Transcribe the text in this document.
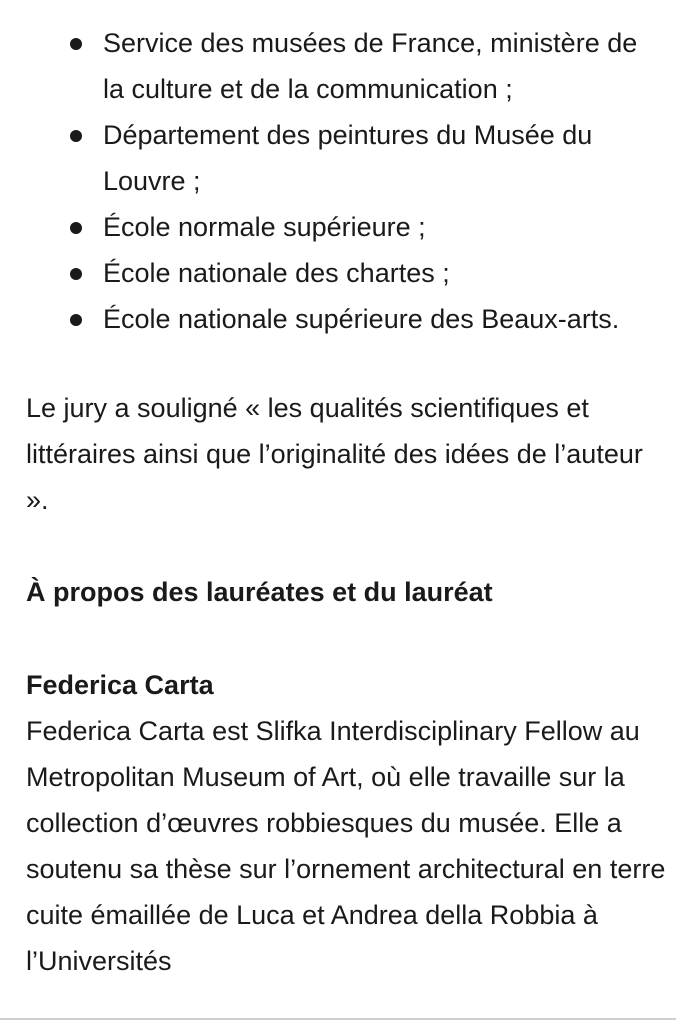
Service des musées de France, ministère de la culture et de la communication ;
Département des peintures du Musée du Louvre ;
École normale supérieure ;
École nationale des chartes ;
École nationale supérieure des Beaux-arts.

Le jury a souligné « les qualités scientifiques et littéraires ainsi que l’originalité des idées de l’auteur ».

À propos des lauréates et du lauréat
Federica Carta

Federica Carta est Slifka Interdisciplinary Fellow au Metropolitan Museum of Art, où elle travaille sur la collection d’œuvres robbiesques du musée. Elle a soutenu sa thèse sur l’ornement architectural en terre cuite émaillée de Luca et Andrea della Robbia à l’Universités
